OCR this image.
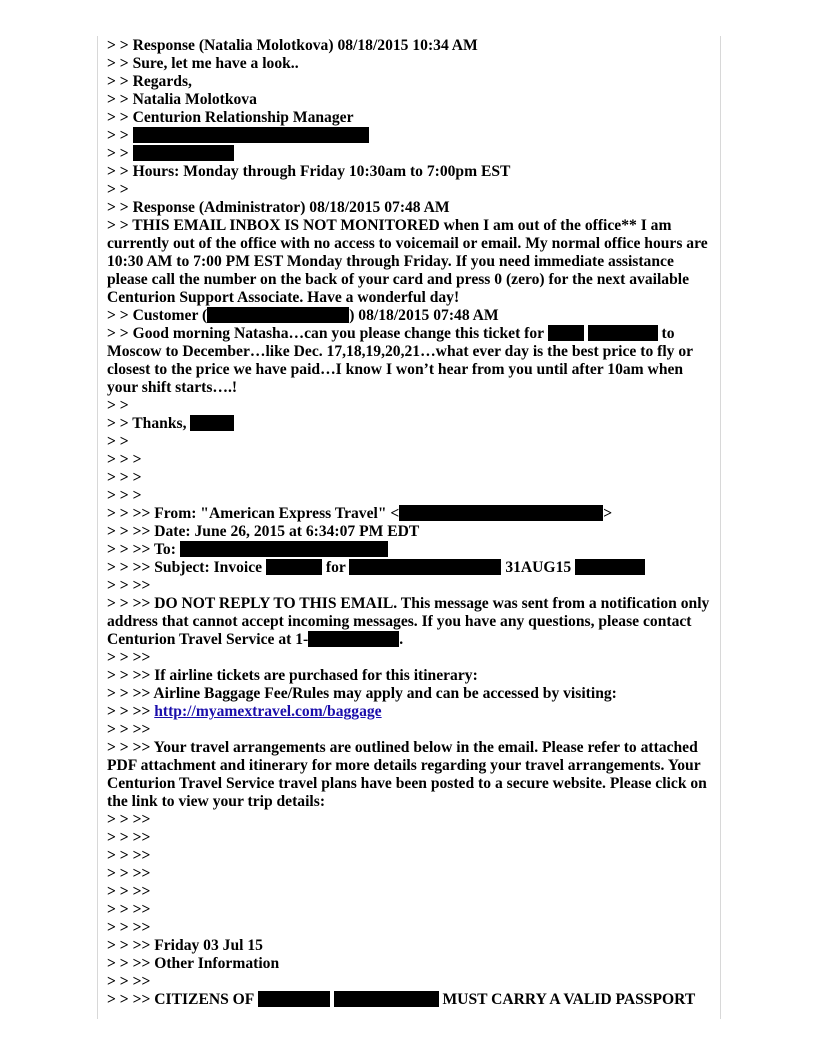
> > Response (Natalia Molotkova) 08/18/2015 10:34 AM
> > Sure, let me have a look..
> > Regards,
> > Natalia Molotkova
> > Centurion Relationship Manager
> >
> >
> > Hours: Monday through Friday 10:30am to 7:00pm EST
> >
> > Response (Administrator) 08/18/2015 07:48 AM
> > THIS EMAIL INBOX IS NOT MONITORED when I am out of the office** I am currently out of the office with no access to voicemail or email. My normal office hours are 10:30 AM to 7:00 PM EST Monday through Friday. If you need immediate assistance please call the number on the back of your card and press 0 (zero) for the next available Centurion Support Associate. Have a wonderful day!
> > Customer (	) 08/18/2015 07:48 AM
> > Good morning Natasha…can you please change this ticket for	to Moscow to December…like Dec. 17,18,19,20,21…what ever day is the best price to fly or closest to the price we have paid…I know I won’t hear from you until after 10am when your shift starts….!
> >
> > Thanks,
> >
> > >
> > >
> > >
> > >> From: "American Express Travel" <	>
> > >> Date: June 26, 2015 at 6:34:07 PM EDT
> > >> To:
> > >> Subject: Invoice	for	31AUG15
> > >>
> > >> DO NOT REPLY TO THIS EMAIL. This message was sent from a notification only address that cannot accept incoming messages. If you have any questions, please contact Centurion Travel Service at 1-	.
> > >>
> > >> If airline tickets are purchased for this itinerary:
> > >> Airline Baggage Fee/Rules may apply and can be accessed by visiting:
> > >> http://myamextravel.com/baggage
> > >>
> > >> Your travel arrangements are outlined below in the email. Please refer to attached PDF attachment and itinerary for more details regarding your travel arrangements. Your Centurion Travel Service travel plans have been posted to a secure website. Please click on the link to view your trip details:
> > >>
> > >>
> > >>
> > >>
> > >>
> > >>
> > >>
> > >> Friday 03 Jul 15
> > >> Other Information
> > >>
> > >> CITIZENS OF	MUST CARRY A VALID PASSPORT
